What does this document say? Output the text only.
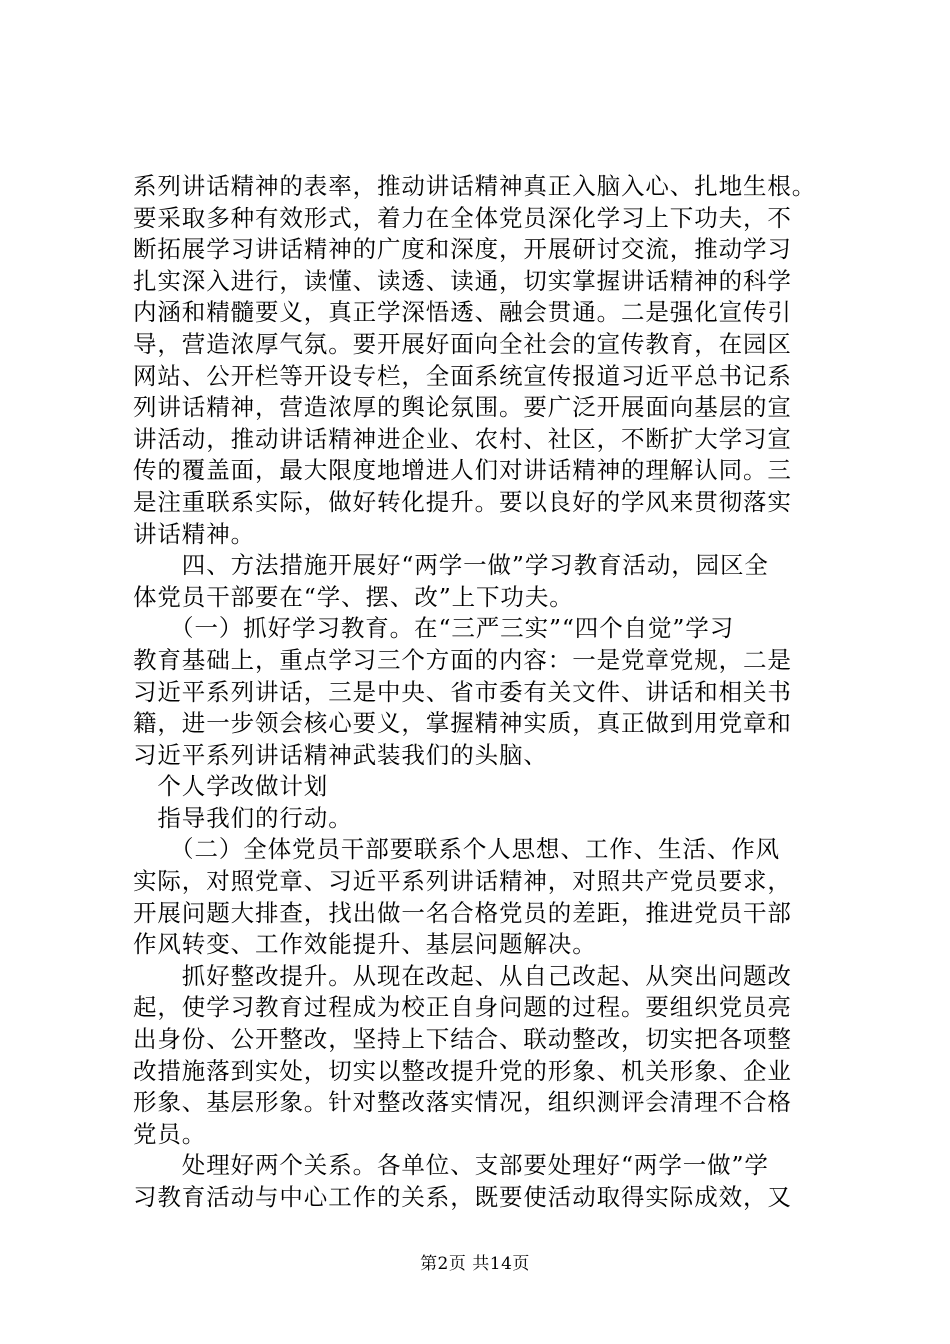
系列讲话精神的表率，推动讲话精神真正入脑入心、扎地生根。
要采取多种有效形式，着力在全体党员深化学习上下功夫，不
断拓展学习讲话精神的广度和深度，开展研讨交流，推动学习
扎实深入进行，读懂、读透、读通，切实掌握讲话精神的科学
内涵和精髓要义，真正学深悟透、融会贯通。二是强化宣传引
导，营造浓厚气氛。要开展好面向全社会的宣传教育，在园区
网站、公开栏等开设专栏，全面系统宣传报道习近平总书记系
列讲话精神，营造浓厚的舆论氛围。要广泛开展面向基层的宣
讲活动，推动讲话精神进企业、农村、社区，不断扩大学习宣
传的覆盖面，最大限度地增进人们对讲话精神的理解认同。三
是注重联系实际，做好转化提升。要以良好的学风来贯彻落实
讲话精神。
　　四、方法措施开展好“两学一做”学习教育活动，园区全
体党员干部要在“学、摆、改”上下功夫。
　　（一）抓好学习教育。在“三严三实”“四个自觉”学习
教育基础上，重点学习三个方面的内容：一是党章党规，二是
习近平系列讲话，三是中央、省市委有关文件、讲话和相关书
籍，进一步领会核心要义，掌握精神实质，真正做到用党章和
习近平系列讲话精神武装我们的头脑、
　个人学改做计划
　指导我们的行动。
　　（二）全体党员干部要联系个人思想、工作、生活、作风
实际，对照党章、习近平系列讲话精神，对照共产党员要求，
开展问题大排查，找出做一名合格党员的差距，推进党员干部
作风转变、工作效能提升、基层问题解决。
　　抓好整改提升。从现在改起、从自己改起、从突出问题改
起，使学习教育过程成为校正自身问题的过程。要组织党员亮
出身份、公开整改，坚持上下结合、联动整改，切实把各项整
改措施落到实处，切实以整改提升党的形象、机关形象、企业
形象、基层形象。针对整改落实情况，组织测评会清理不合格
党员。
　　处理好两个关系。各单位、支部要处理好“两学一做”学
习教育活动与中心工作的关系，既要使活动取得实际成效，又
第2页 共14页
